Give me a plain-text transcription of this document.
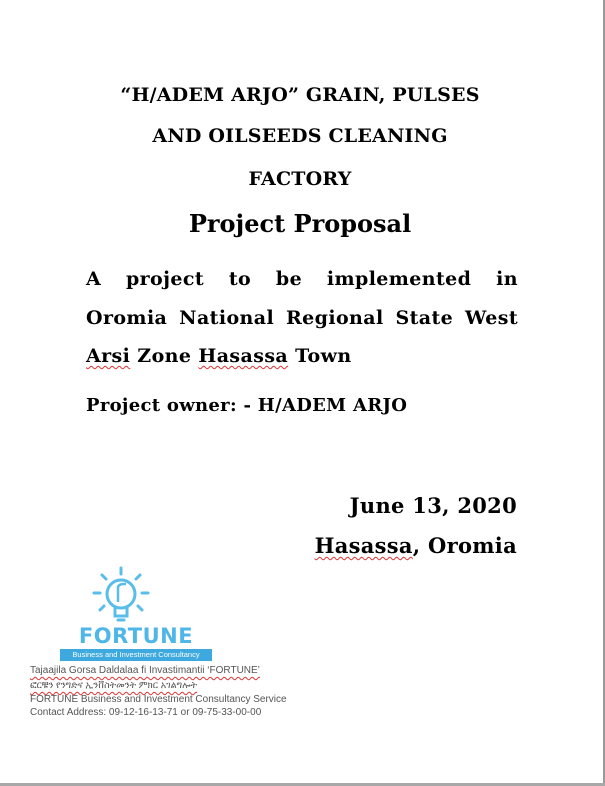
“H/ADEM ARJO” GRAIN, PULSES
AND OILSEEDS CLEANING
FACTORY
Project Proposal
A project to be implemented in
Oromia National Regional State West
Arsi Zone Hasassa Town
Project owner: - H/ADEM ARJO
June 13, 2020
Hasassa, Oromia
FORTUNE
Business and Investment Consultancy
Tajaajila Gorsa Daldalaa fi Invastimantii ‘FORTUNE’
ፎርቹን የንግድና ኢንቨስትመንት ምክር አገልግሎት
FORTUNE Business and Investment Consultancy Service
Contact Address: 09-12-16-13-71 or 09-75-33-00-00
